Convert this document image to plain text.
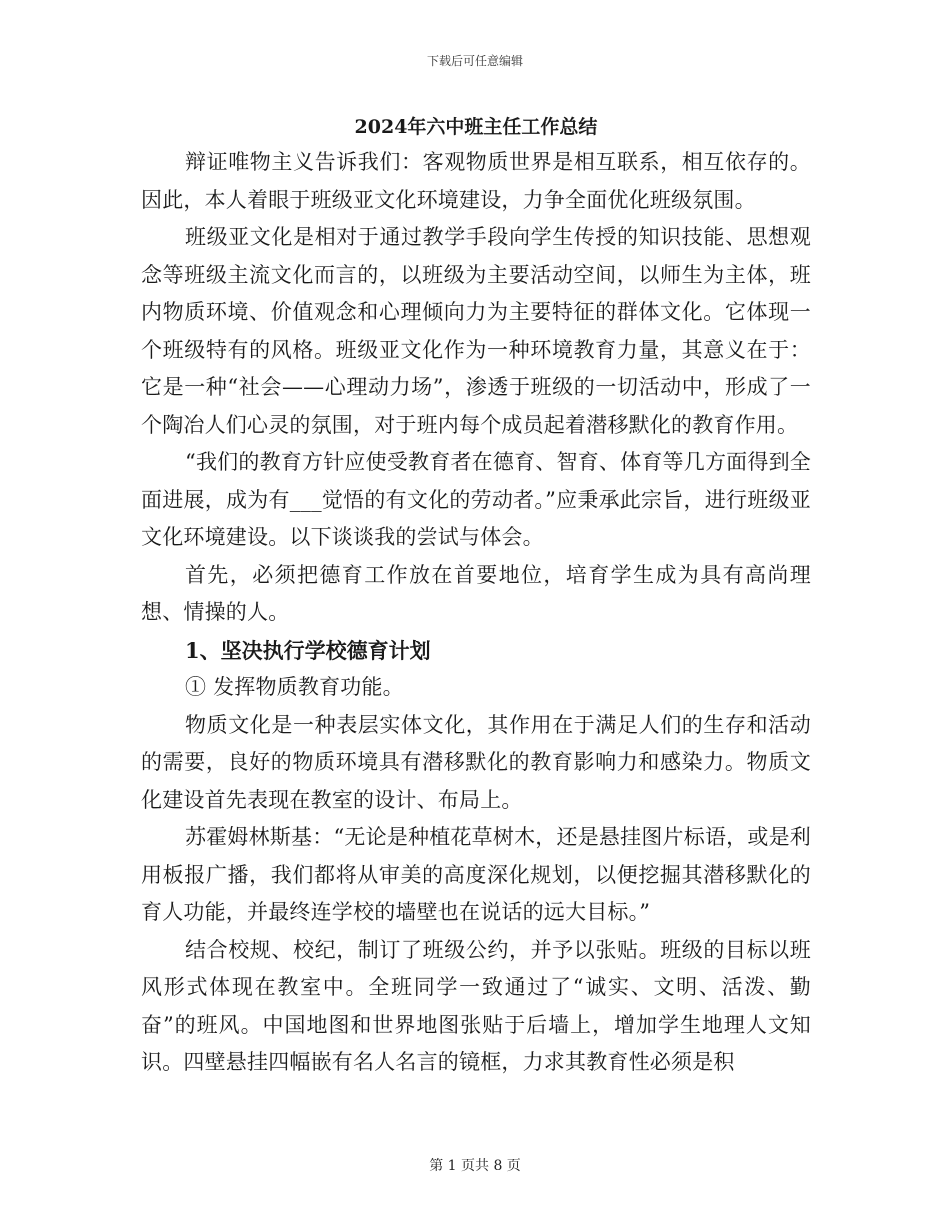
下载后可任意编辑
2024年六中班主任工作总结

辩证唯物主义告诉我们：客观物质世界是相互联系，相互依存的。因此，本人着眼于班级亚文化环境建设，力争全面优化班级氛围。

班级亚文化是相对于通过教学手段向学生传授的知识技能、思想观念等班级主流文化而言的，以班级为主要活动空间，以师生为主体，班内物质环境、价值观念和心理倾向力为主要特征的群体文化。它体现一个班级特有的风格。班级亚文化作为一种环境教育力量，其意义在于：它是一种“社会——心理动力场”，渗透于班级的一切活动中，形成了一个陶冶人们心灵的氛围，对于班内每个成员起着潜移默化的教育作用。

“我们的教育方针应使受教育者在德育、智育、体育等几方面得到全面进展，成为有___觉悟的有文化的劳动者。”应秉承此宗旨，进行班级亚文化环境建设。以下谈谈我的尝试与体会。

首先，必须把德育工作放在首要地位，培育学生成为具有高尚理想、情操的人。

1、坚决执行学校德育计划

① 发挥物质教育功能。

物质文化是一种表层实体文化，其作用在于满足人们的生存和活动的需要，良好的物质环境具有潜移默化的教育影响力和感染力。物质文化建设首先表现在教室的设计、布局上。

苏霍姆林斯基：“无论是种植花草树木，还是悬挂图片标语，或是利用板报广播，我们都将从审美的高度深化规划，以便挖掘其潜移默化的育人功能，并最终连学校的墙壁也在说话的远大目标。”

结合校规、校纪，制订了班级公约，并予以张贴。班级的目标以班风形式体现在教室中。全班同学一致通过了“诚实、文明、活泼、勤奋”的班风。中国地图和世界地图张贴于后墙上，增加学生地理人文知识。四壁悬挂四幅嵌有名人名言的镜框，力求其教育性必须是积

第 1 页共 8 页
